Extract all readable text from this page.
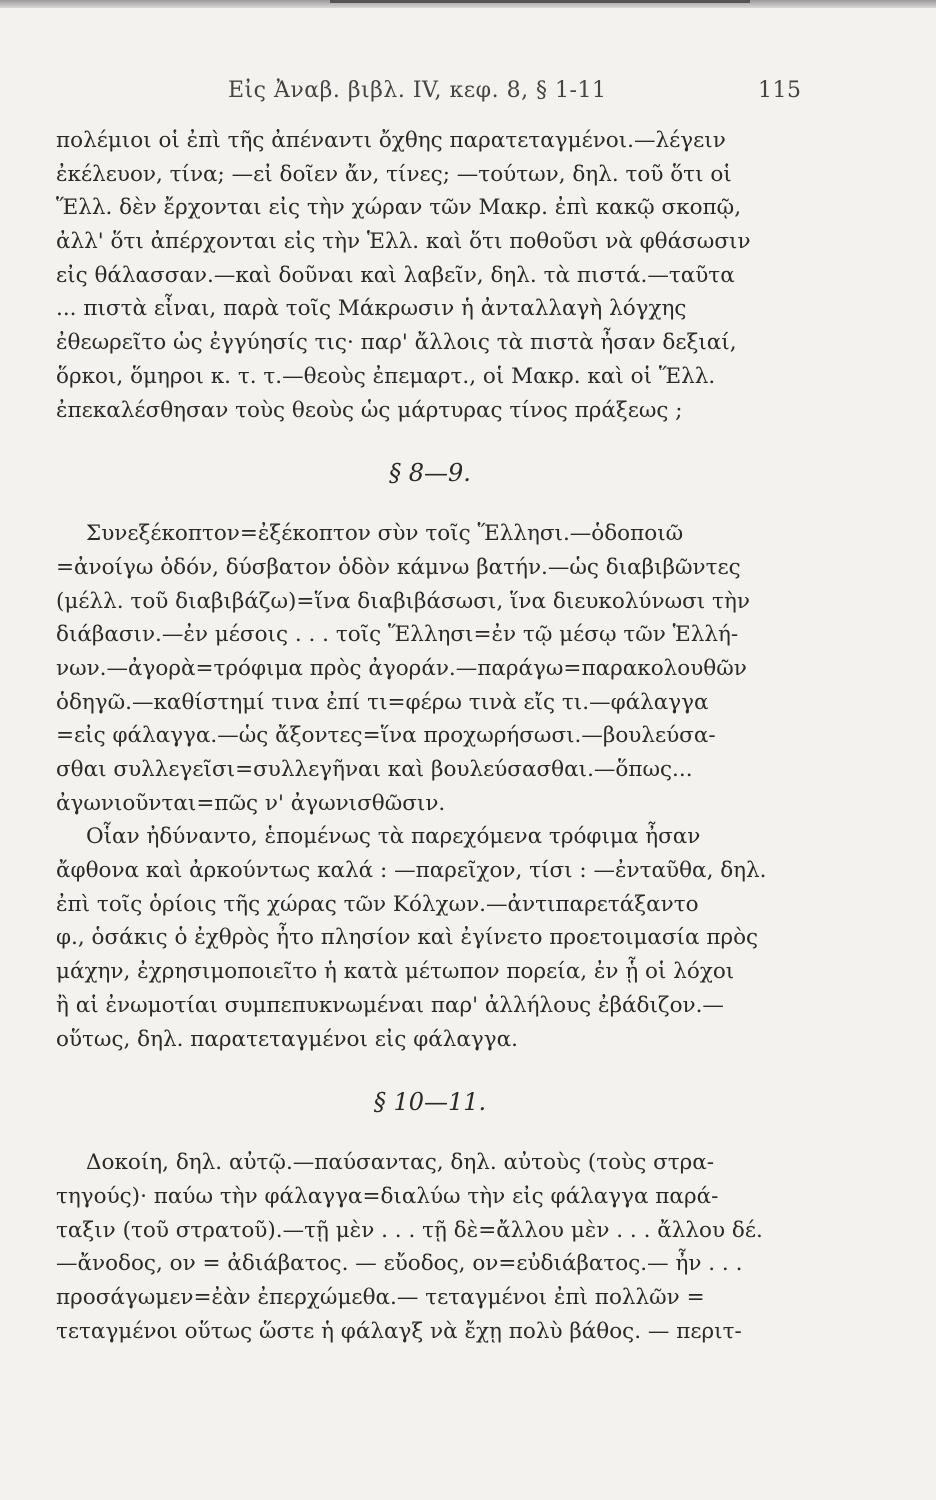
Εἰς Ἀναβ. βιβλ. IV, κεφ. 8, § 1-11	115
πολέμιοι οἱ ἐπὶ τῆς ἀπέναντι ὄχθης παρατεταγμένοι.—λέγειν
ἐκέλευον, τίνα; —εἰ δοῖεν ἄν, τίνες; —τούτων, δηλ. τοῦ ὅτι οἱ
Ἕλλ. δὲν ἔρχονται εἰς τὴν χώραν τῶν Μακρ. ἐπὶ κακῷ σκοπῷ,
ἀλλ' ὅτι ἀπέρχονται εἰς τὴν Ἑλλ. καὶ ὅτι ποθοῦσι νὰ φθάσωσιν
εἰς θάλασσαν.—καὶ δοῦναι καὶ λαβεῖν, δηλ. τὰ πιστά.—ταῦτα
... πιστὰ εἶναι, παρὰ τοῖς Μάκρωσιν ἡ ἀνταλλαγὴ λόγχης
ἐθεωρεῖτο ὡς ἐγγύησίς τις· παρ' ἄλλοις τὰ πιστὰ ἦσαν δεξιαί,
ὅρκοι, ὅμηροι κ. τ. τ.—θεοὺς ἐπεμαρτ., οἱ Μακρ. καὶ οἱ Ἕλλ.
ἐπεκαλέσθησαν τοὺς θεοὺς ὡς μάρτυρας τίνος πράξεως ;
§ 8—9.
Συνεξέκοπτον=ἐξέκοπτον σὺν τοῖς Ἕλλησι.—ὁδοποιῶ
=ἀνοίγω ὁδόν, δύσβατον ὁδὸν κάμνω βατήν.—ὡς διαβιβῶντες
(μέλλ. τοῦ διαβιβάζω)=ἵνα διαβιβάσωσι, ἵνα διευκολύνωσι τὴν
διάβασιν.—ἐν μέσοις . . . τοῖς Ἕλλησι=ἐν τῷ μέσῳ τῶν Ἑλλή-
νων.—ἀγορὰ=τρόφιμα πρὸς ἀγοράν.—παράγω=παρακολουθῶν
ὁδηγῶ.—καθίστημί τινα ἐπί τι=φέρω τινὰ εἴς τι.—φάλαγγα
=εἰς φάλαγγα.—ὡς ἄξοντες=ἵνα προχωρήσωσι.—βουλεύσα-
σθαι συλλεγεῖσι=συλλεγῆναι καὶ βουλεύσασθαι.—ὅπως...
ἀγωνιοῦνται=πῶς ν' ἀγωνισθῶσιν.
Οἷαν ἠδύναντο, ἑπομένως τὰ παρεχόμενα τρόφιμα ἦσαν
ἄφθονα καὶ ἀρκούντως καλά : —παρεῖχον, τίσι : —ἐνταῦθα, δηλ.
ἐπὶ τοῖς ὁρίοις τῆς χώρας τῶν Κόλχων.—ἀντιπαρετάξαντο
φ., ὁσάκις ὁ ἐχθρὸς ἦτο πλησίον καὶ ἐγίνετο προετοιμασία πρὸς
μάχην, ἐχρησιμοποιεῖτο ἡ κατὰ μέτωπον πορεία, ἐν ᾗ οἱ λόχοι
ἢ αἱ ἐνωμοτίαι συμπεπυκνωμέναι παρ' ἀλλήλους ἐβάδιζον.—
οὕτως, δηλ. παρατεταγμένοι εἰς φάλαγγα.
§ 10—11.
Δοκοίη, δηλ. αὐτῷ.—παύσαντας, δηλ. αὐτοὺς (τοὺς στρα-
τηγούς)· παύω τὴν φάλαγγα=διαλύω τὴν εἰς φάλαγγα παρά-
ταξιν (τοῦ στρατοῦ).—τῇ μὲν . . . τῇ δὲ=ἄλλου μὲν . . . ἄλλου δέ.
—ἄνοδος, ον = ἀδιάβατος. — εὔοδος, ον=εὐδιάβατος.— ἦν . . .
προσάγωμεν=ἐὰν ἐπερχώμεθα.— τεταγμένοι ἐπὶ πολλῶν =
τεταγμένοι οὕτως ὥστε ἡ φάλαγξ νὰ ἔχῃ πολὺ βάθος. — περιτ-
